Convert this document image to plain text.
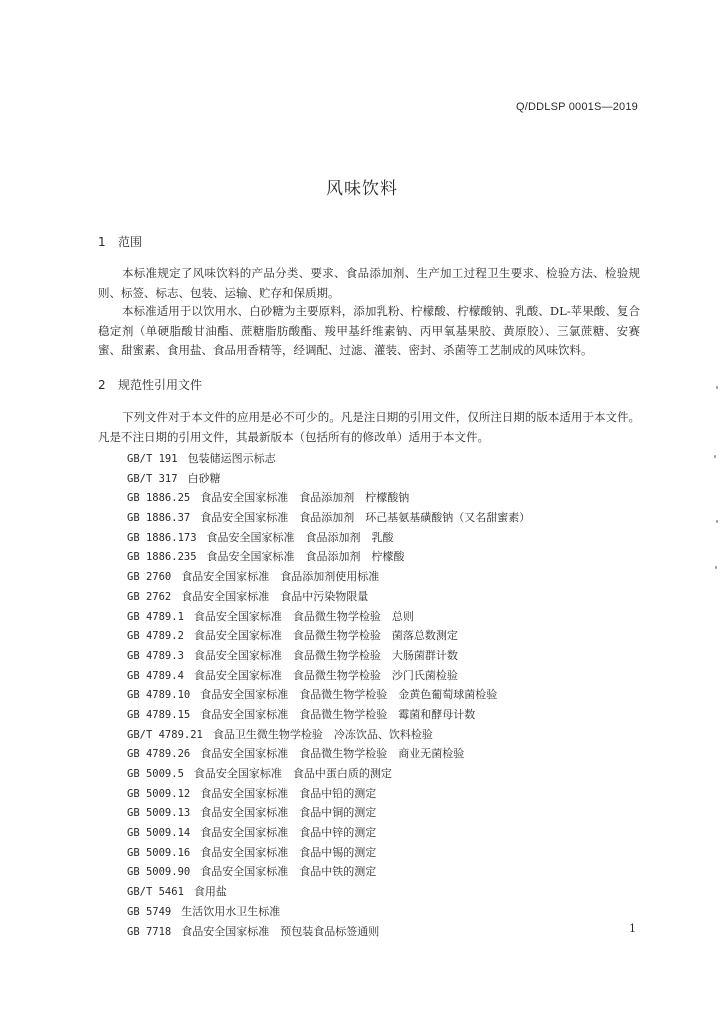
Q/DDLSP 0001S—2019
风味饮料
1 范围

本标准规定了风味饮料的产品分类、要求、食品添加剂、生产加工过程卫生要求、检验方法、检验规则、标签、标志、包装、运输、贮存和保质期。

本标准适用于以饮用水、白砂糖为主要原料，添加乳粉、柠檬酸、柠檬酸钠、乳酸、DL-苹果酸、复合稳定剂（单硬脂酸甘油酯、蔗糖脂肪酸酯、羧甲基纤维素钠、丙甲氧基果胶、黄原胶）、三氯蔗糖、安赛蜜、甜蜜素、食用盐、食品用香精等，经调配、过滤、灌装、密封、杀菌等工艺制成的风味饮料。

2 规范性引用文件

下列文件对于本文件的应用是必不可少的。凡是注日期的引用文件，仅所注日期的版本适用于本文件。凡是不注日期的引用文件，其最新版本（包括所有的修改单）适用于本文件。

GB/T 191 包装储运图示标志
GB/T 317 白砂糖
GB 1886.25 食品安全国家标准　食品添加剂　柠檬酸钠
GB 1886.37 食品安全国家标准　食品添加剂　环己基氨基磺酸钠（又名甜蜜素）
GB 1886.173 食品安全国家标准　食品添加剂　乳酸
GB 1886.235 食品安全国家标准　食品添加剂　柠檬酸
GB 2760 食品安全国家标准　食品添加剂使用标准
GB 2762 食品安全国家标准　食品中污染物限量
GB 4789.1 食品安全国家标准　食品微生物学检验　总则
GB 4789.2 食品安全国家标准　食品微生物学检验　菌落总数测定
GB 4789.3 食品安全国家标准　食品微生物学检验　大肠菌群计数
GB 4789.4 食品安全国家标准　食品微生物学检验　沙门氏菌检验
GB 4789.10 食品安全国家标准　食品微生物学检验　金黄色葡萄球菌检验
GB 4789.15 食品安全国家标准　食品微生物学检验　霉菌和酵母计数
GB/T 4789.21 食品卫生微生物学检验　冷冻饮品、饮料检验
GB 4789.26 食品安全国家标准　食品微生物学检验　商业无菌检验
GB 5009.5 食品安全国家标准　食品中蛋白质的测定
GB 5009.12 食品安全国家标准　食品中铅的测定
GB 5009.13 食品安全国家标准　食品中铜的测定
GB 5009.14 食品安全国家标准　食品中锌的测定
GB 5009.16 食品安全国家标准　食品中锡的测定
GB 5009.90 食品安全国家标准　食品中铁的测定
GB/T 5461 食用盐
GB 5749 生活饮用水卫生标准
GB 7718 食品安全国家标准　预包装食品标签通则	1
